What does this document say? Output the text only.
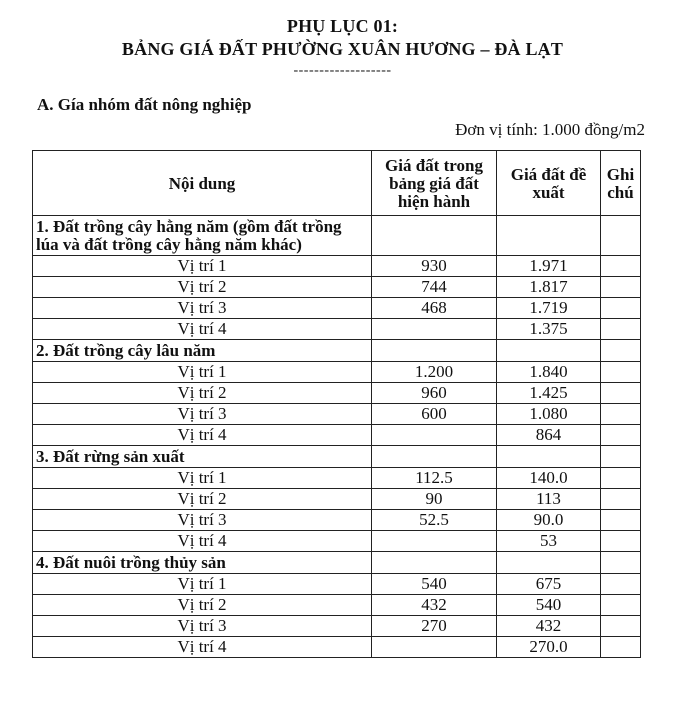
PHỤ LỤC 01:
BẢNG GIÁ ĐẤT PHƯỜNG XUÂN HƯƠNG – ĐÀ LẠT
-------------------
A. Gía nhóm đất nông nghiệp
Đơn vị tính: 1.000 đồng/m2
Nội dung	Giá đất trong bảng giá đất hiện hành	Giá đất đề xuất	Ghi chú
1. Đất trồng cây hằng năm (gồm đất trồng lúa và đất trồng cây hằng năm khác)			
Vị trí 1	930	1.971	
Vị trí 2	744	1.817	
Vị trí 3	468	1.719	
Vị trí 4		1.375	
2. Đất trồng cây lâu năm			
Vị trí 1	1.200	1.840	
Vị trí 2	960	1.425	
Vị trí 3	600	1.080	
Vị trí 4		864	
3. Đất rừng sản xuất			
Vị trí 1	112.5	140.0	
Vị trí 2	90	113	
Vị trí 3	52.5	90.0	
Vị trí 4		53	
4. Đất nuôi trồng thủy sản			
Vị trí 1	540	675	
Vị trí 2	432	540	
Vị trí 3	270	432	
Vị trí 4		270.0	
